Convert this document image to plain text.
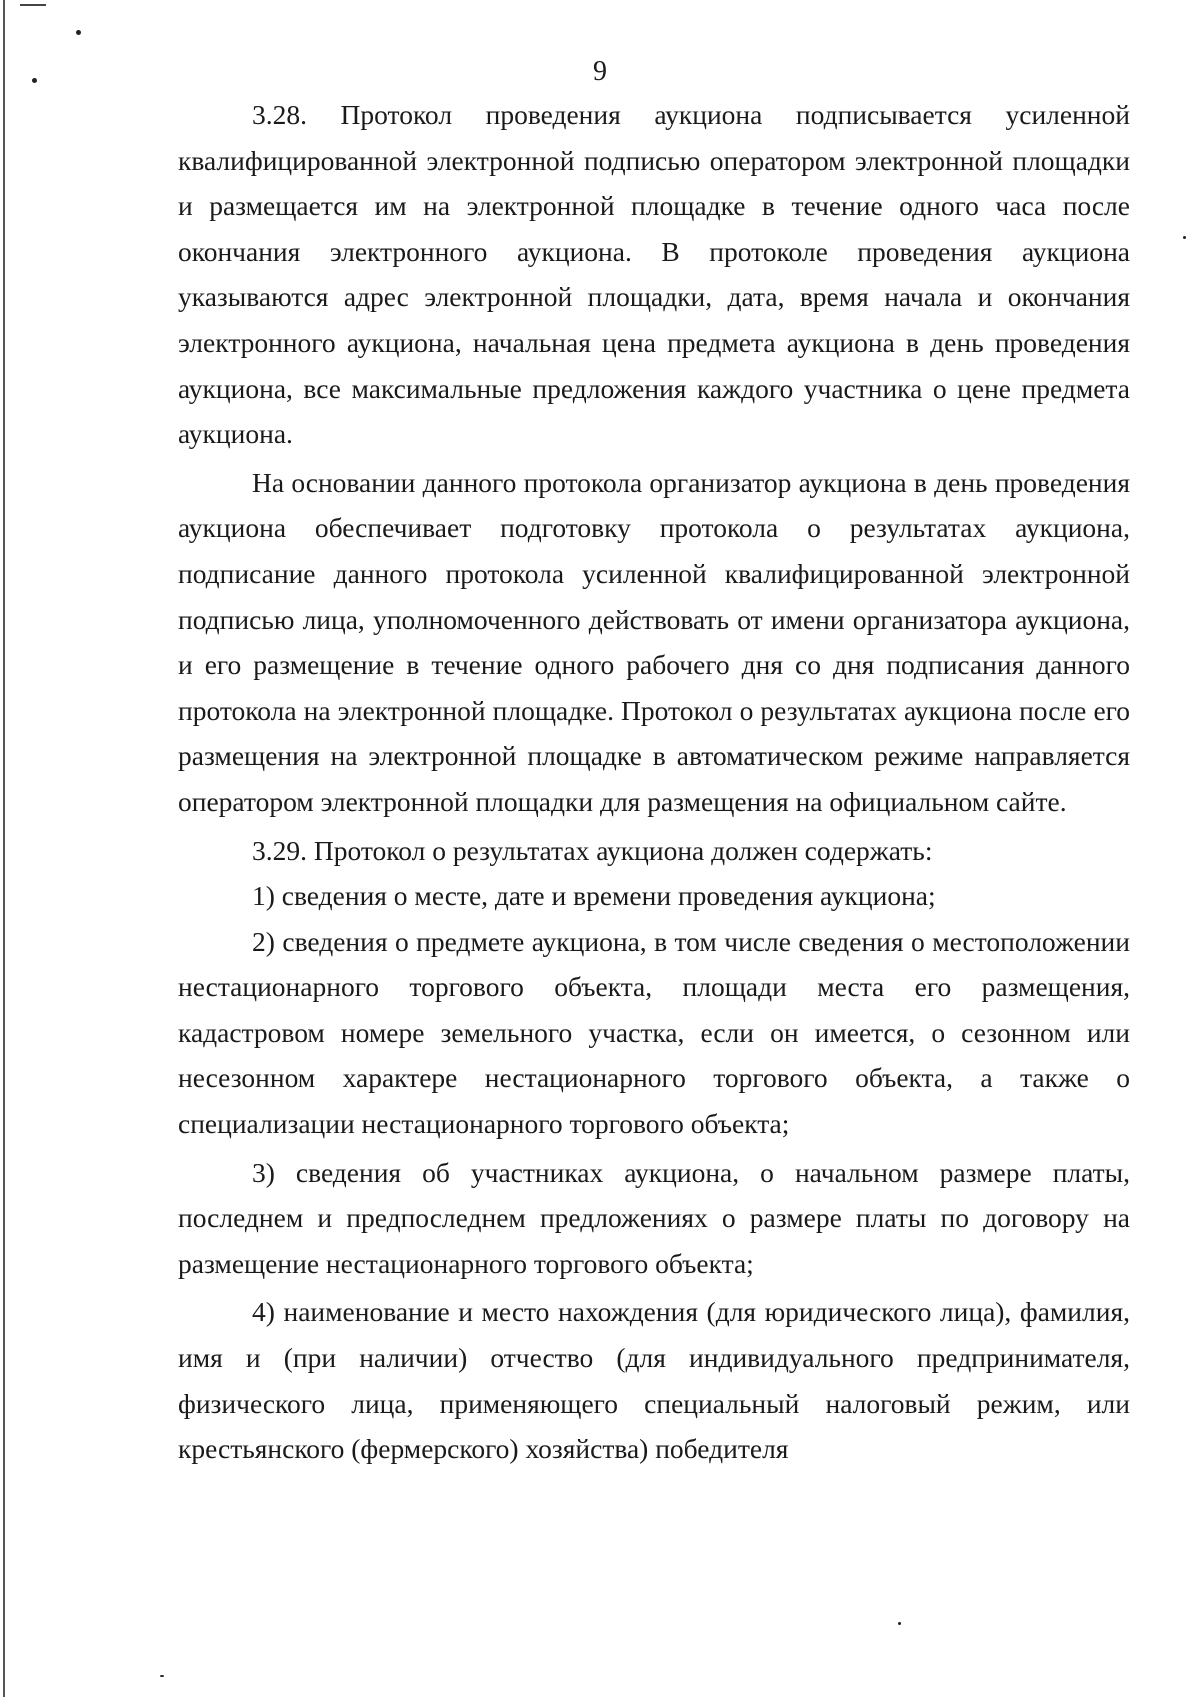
9

3.28. Протокол проведения аукциона подписывается усиленной квалифицированной электронной подписью оператором электронной площадки и размещается им на электронной площадке в течение одного часа после окончания электронного аукциона. В протоколе проведения аукциона указываются адрес электронной площадки, дата, время начала и окончания электронного аукциона, начальная цена предмета аукциона в день проведения аукциона, все максимальные предложения каждого участника о цене предмета аукциона.

На основании данного протокола организатор аукциона в день проведения аукциона обеспечивает подготовку протокола о результатах аукциона, подписание данного протокола усиленной квалифицированной электронной подписью лица, уполномоченного действовать от имени организатора аукциона, и его размещение в течение одного рабочего дня со дня подписания данного протокола на электронной площадке. Протокол о результатах аукциона после его размещения на электронной площадке в автоматическом режиме направляется оператором электронной площадки для размещения на официальном сайте.

3.29. Протокол о результатах аукциона должен содержать:

1) сведения о месте, дате и времени проведения аукциона;

2) сведения о предмете аукциона, в том числе сведения о местоположении нестационарного торгового объекта, площади места его размещения, кадастровом номере земельного участка, если он имеется, о сезонном или несезонном характере нестационарного торгового объекта, а также о специализации нестационарного торгового объекта;

3) сведения об участниках аукциона, о начальном размере платы, последнем и предпоследнем предложениях о размере платы по договору на размещение нестационарного торгового объекта;

4) наименование и место нахождения (для юридического лица), фамилия, имя и (при наличии) отчество (для индивидуального предпринимателя, физического лица, применяющего специальный налоговый режим, или крестьянского (фермерского) хозяйства) победителя
